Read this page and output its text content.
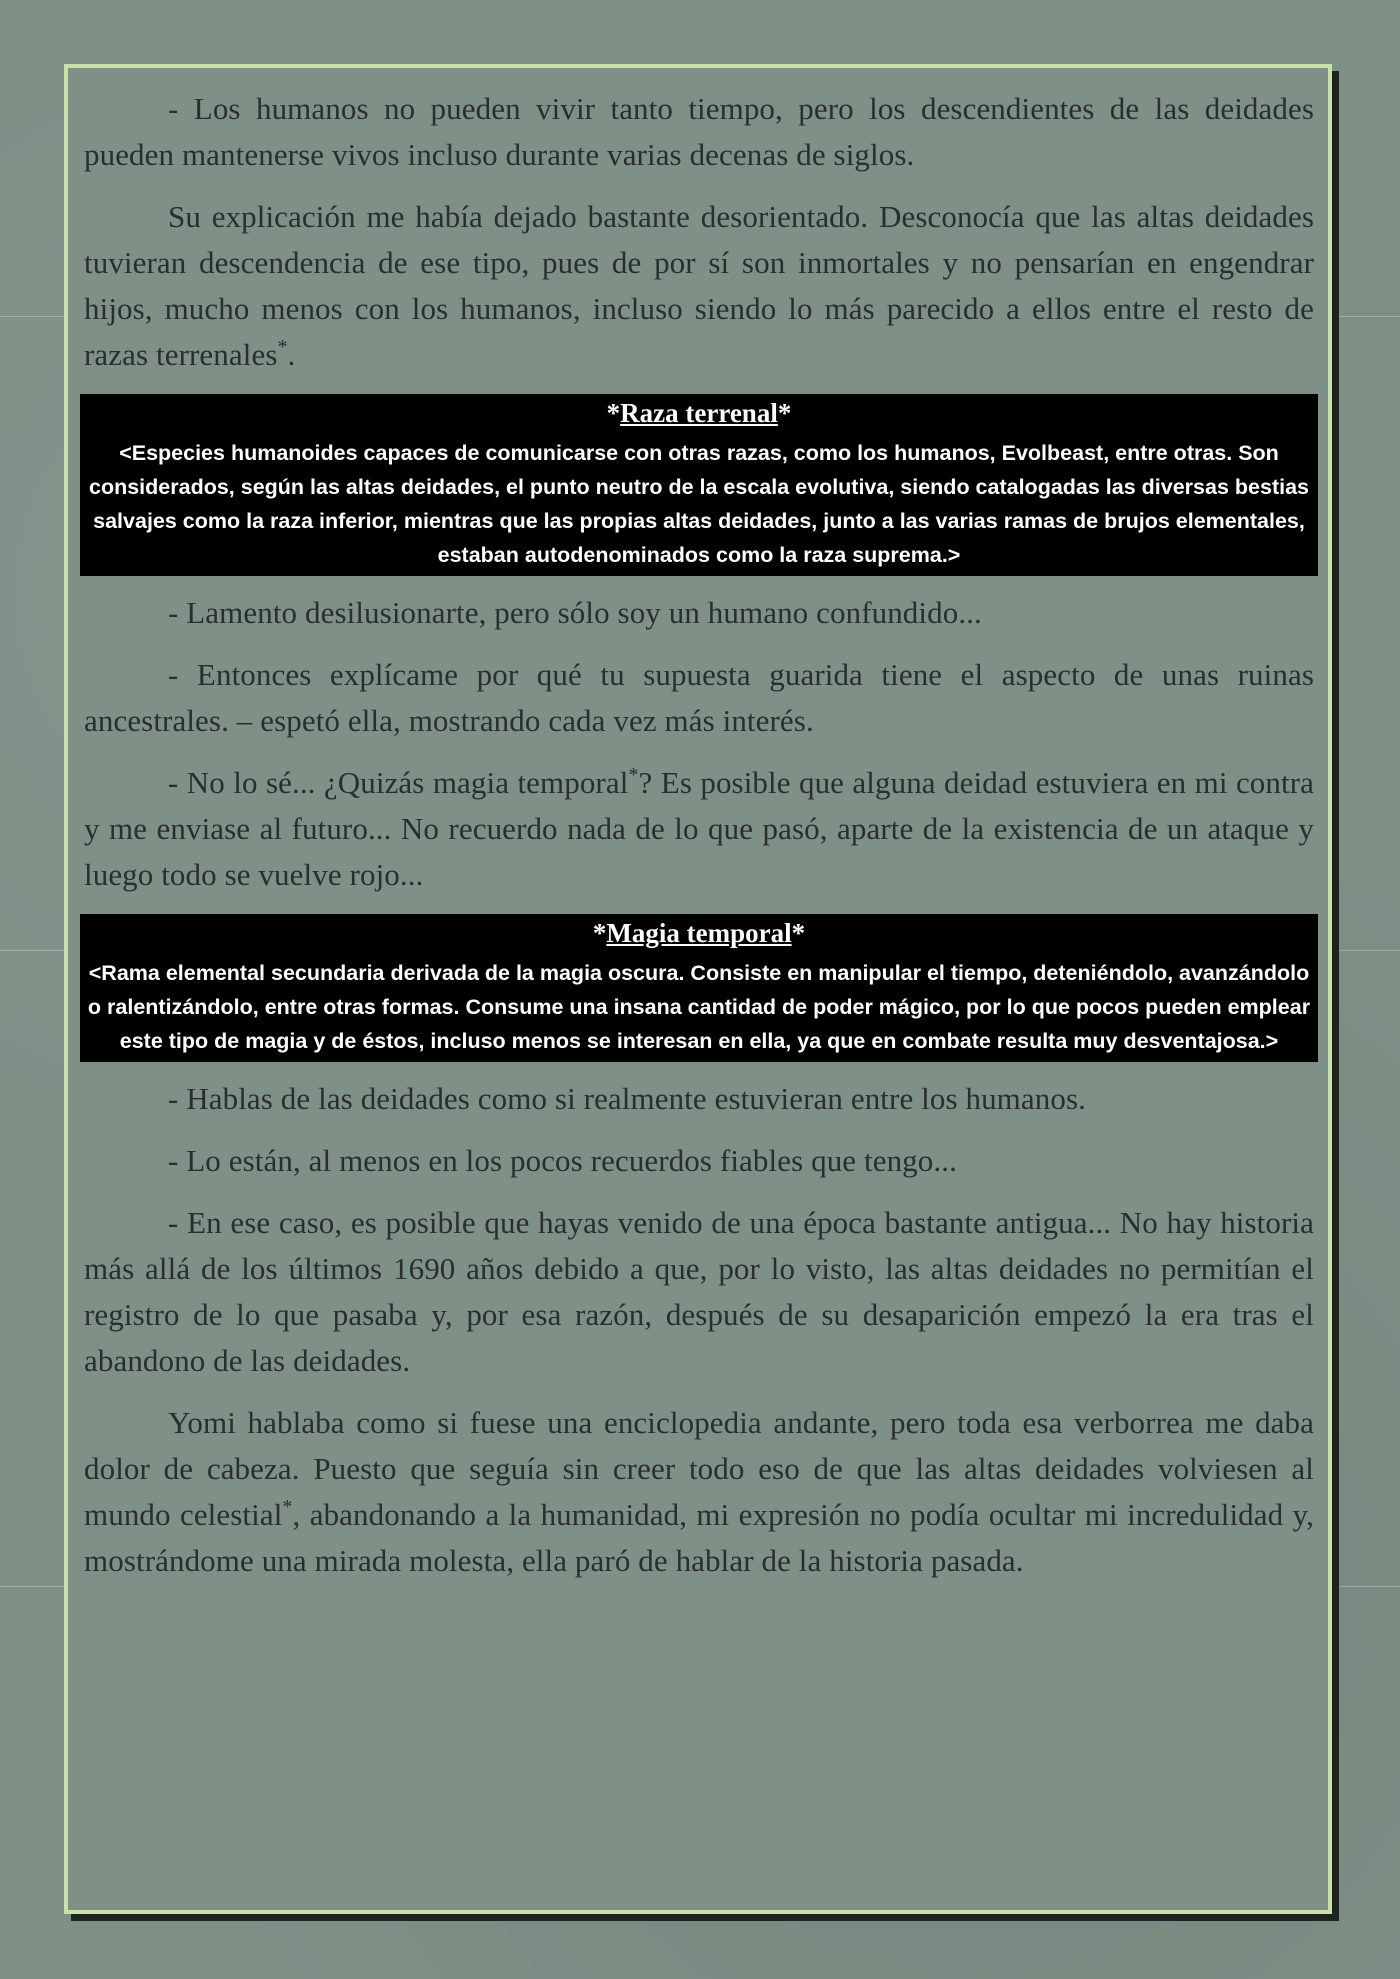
- Los humanos no pueden vivir tanto tiempo, pero los descendientes de las deidades pueden mantenerse vivos incluso durante varias decenas de siglos.

Su explicación me había dejado bastante desorientado. Desconocía que las altas deidades tuvieran descendencia de ese tipo, pues de por sí son inmortales y no pensarían en engendrar hijos, mucho menos con los humanos, incluso siendo lo más parecido a ellos entre el resto de razas terrenales*.

*Raza terrenal*
<Especies humanoides capaces de comunicarse con otras razas, como los humanos, Evolbeast, entre otras. Son considerados, según las altas deidades, el punto neutro de la escala evolutiva, siendo catalogadas las diversas bestias salvajes como la raza inferior, mientras que las propias altas deidades, junto a las varias ramas de brujos elementales, estaban autodenominados como la raza suprema.>

- Lamento desilusionarte, pero sólo soy un humano confundido...

- Entonces explícame por qué tu supuesta guarida tiene el aspecto de unas ruinas ancestrales. – espetó ella, mostrando cada vez más interés.

- No lo sé... ¿Quizás magia temporal*? Es posible que alguna deidad estuviera en mi contra y me enviase al futuro... No recuerdo nada de lo que pasó, aparte de la existencia de un ataque y luego todo se vuelve rojo...

*Magia temporal*
<Rama elemental secundaria derivada de la magia oscura. Consiste en manipular el tiempo, deteniéndolo, avanzándolo o ralentizándolo, entre otras formas. Consume una insana cantidad de poder mágico, por lo que pocos pueden emplear este tipo de magia y de éstos, incluso menos se interesan en ella, ya que en combate resulta muy desventajosa.>

- Hablas de las deidades como si realmente estuvieran entre los humanos.

- Lo están, al menos en los pocos recuerdos fiables que tengo...

- En ese caso, es posible que hayas venido de una época bastante antigua... No hay historia más allá de los últimos 1690 años debido a que, por lo visto, las altas deidades no permitían el registro de lo que pasaba y, por esa razón, después de su desaparición empezó la era tras el abandono de las deidades.

Yomi hablaba como si fuese una enciclopedia andante, pero toda esa verborrea me daba dolor de cabeza. Puesto que seguía sin creer todo eso de que las altas deidades volviesen al mundo celestial*, abandonando a la humanidad, mi expresión no podía ocultar mi incredulidad y, mostrándome una mirada molesta, ella paró de hablar de la historia pasada.
